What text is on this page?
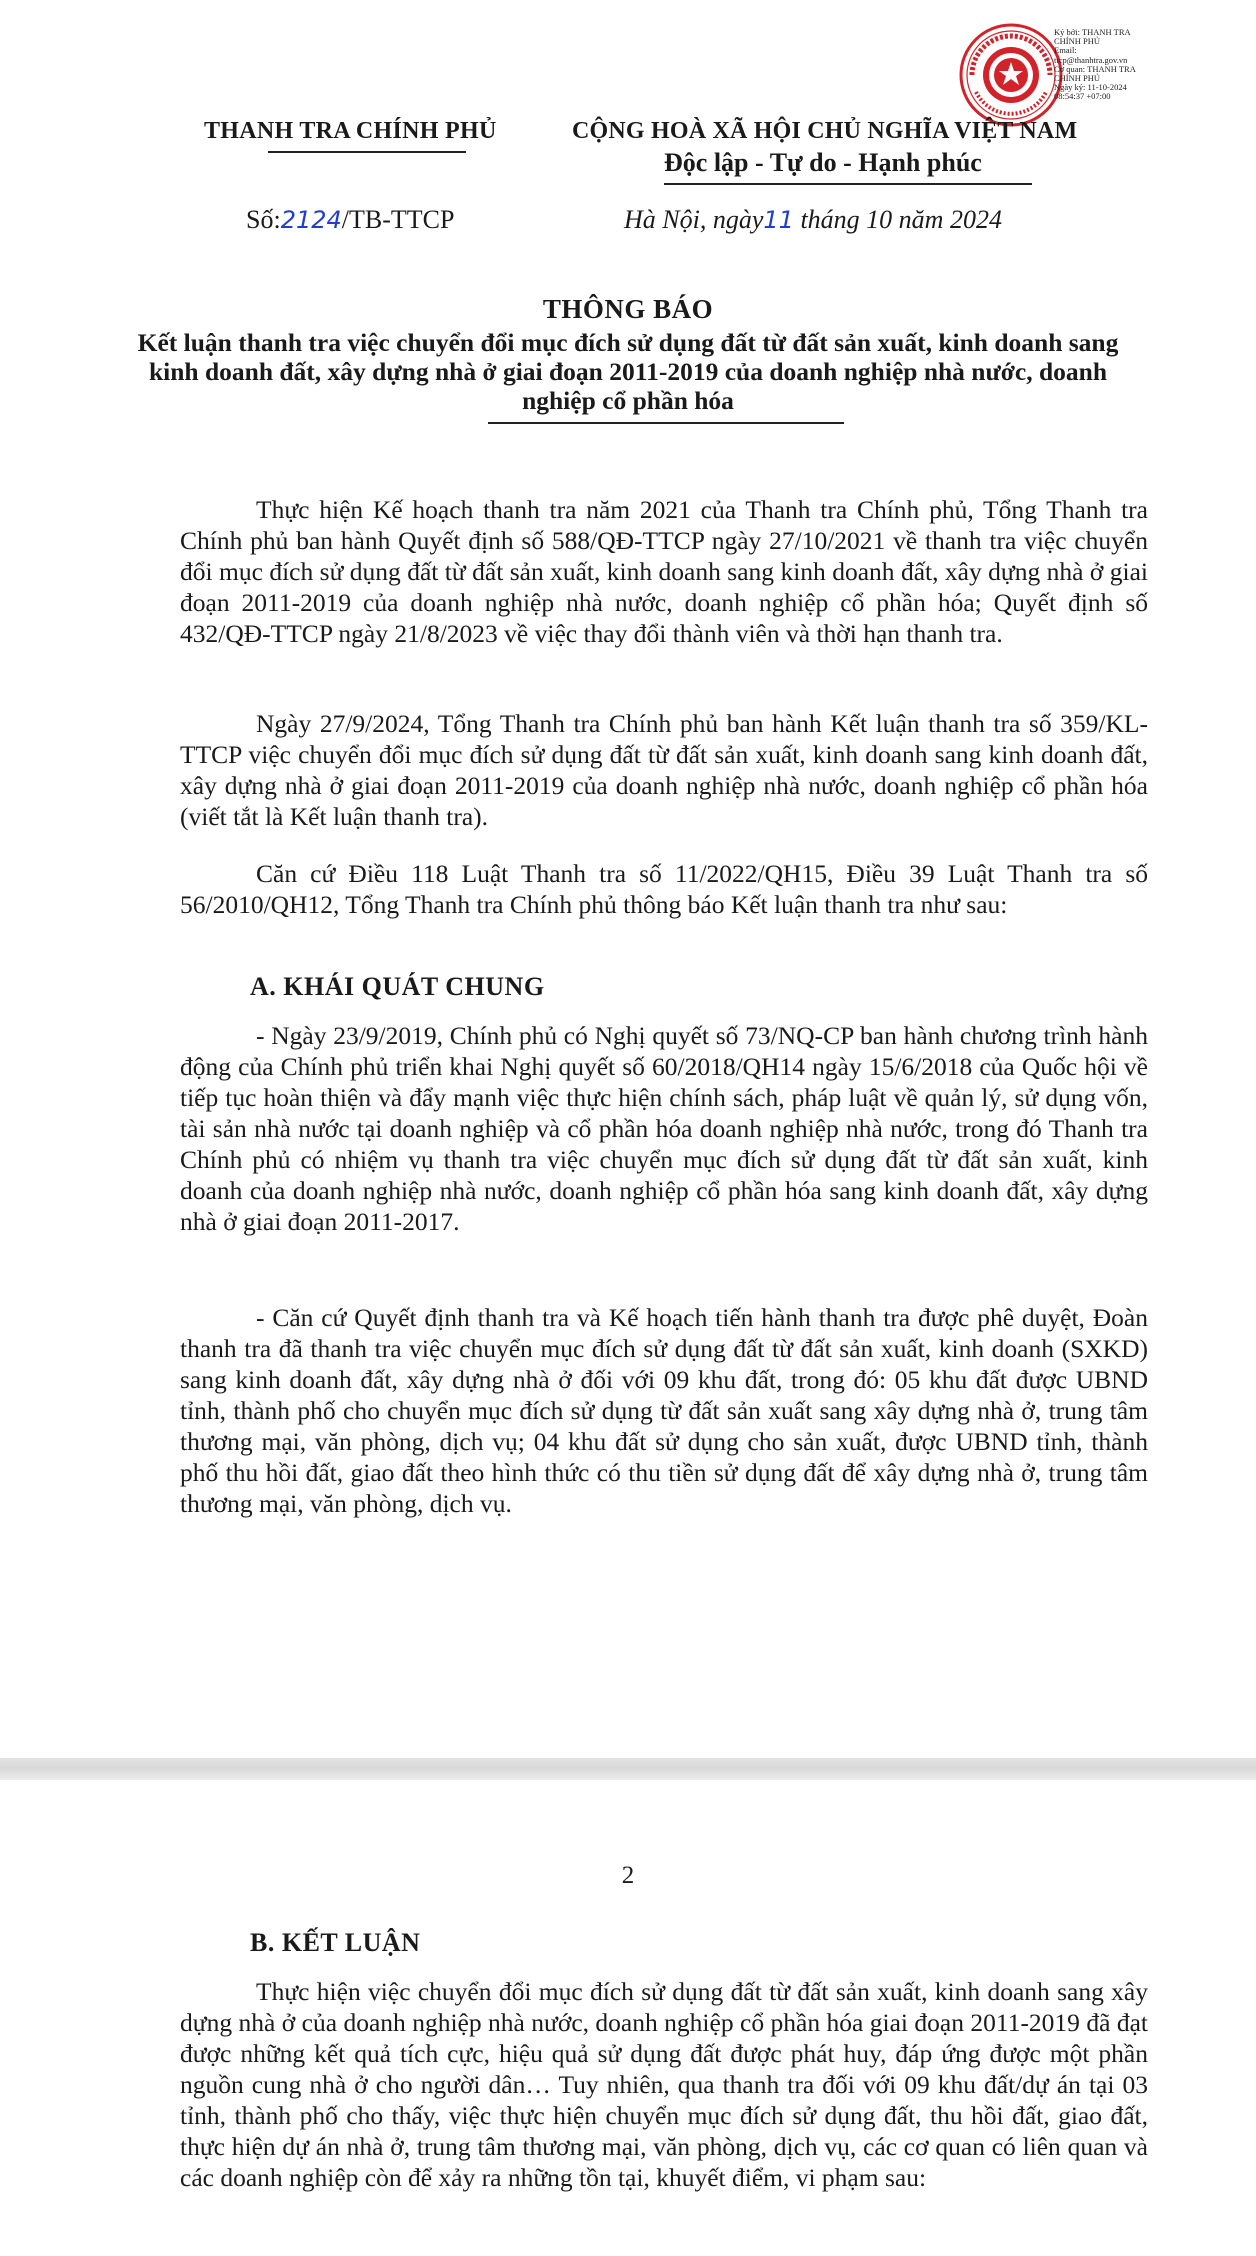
Ký bởi: THANH TRA
CHÍNH PHỦ
Email:
ttcp@thanhtra.gov.vn
Cơ quan: THANH TRA
CHÍNH PHỦ
Ngày ký: 11-10-2024
08:54:37 +07:00
THANH TRA CHÍNH PHỦ	CỘNG HOÀ XÃ HỘI CHỦ NGHĨA VIỆT NAM
Độc lập - Tự do - Hạnh phúc
Số:2124/TB-TTCP	Hà Nội, ngày11 tháng 10 năm 2024
THÔNG BÁO
Kết luận thanh tra việc chuyển đổi mục đích sử dụng đất từ đất sản xuất, kinh doanh sang kinh doanh đất, xây dựng nhà ở giai đoạn 2011-2019 của doanh nghiệp nhà nước, doanh nghiệp cổ phần hóa

Thực hiện Kế hoạch thanh tra năm 2021 của Thanh tra Chính phủ, Tổng Thanh tra Chính phủ ban hành Quyết định số 588/QĐ-TTCP ngày 27/10/2021 về thanh tra việc chuyển đổi mục đích sử dụng đất từ đất sản xuất, kinh doanh sang kinh doanh đất, xây dựng nhà ở giai đoạn 2011-2019 của doanh nghiệp nhà nước, doanh nghiệp cổ phần hóa; Quyết định số 432/QĐ-TTCP ngày 21/8/2023 về việc thay đổi thành viên và thời hạn thanh tra.

Ngày 27/9/2024, Tổng Thanh tra Chính phủ ban hành Kết luận thanh tra số 359/KL-TTCP việc chuyển đổi mục đích sử dụng đất từ đất sản xuất, kinh doanh sang kinh doanh đất, xây dựng nhà ở giai đoạn 2011-2019 của doanh nghiệp nhà nước, doanh nghiệp cổ phần hóa (viết tắt là Kết luận thanh tra).

Căn cứ Điều 118 Luật Thanh tra số 11/2022/QH15, Điều 39 Luật Thanh tra số 56/2010/QH12, Tổng Thanh tra Chính phủ thông báo Kết luận thanh tra như sau:

A. KHÁI QUÁT CHUNG

- Ngày 23/9/2019, Chính phủ có Nghị quyết số 73/NQ-CP ban hành chương trình hành động của Chính phủ triển khai Nghị quyết số 60/2018/QH14 ngày 15/6/2018 của Quốc hội về tiếp tục hoàn thiện và đẩy mạnh việc thực hiện chính sách, pháp luật về quản lý, sử dụng vốn, tài sản nhà nước tại doanh nghiệp và cổ phần hóa doanh nghiệp nhà nước, trong đó Thanh tra Chính phủ có nhiệm vụ thanh tra việc chuyển mục đích sử dụng đất từ đất sản xuất, kinh doanh của doanh nghiệp nhà nước, doanh nghiệp cổ phần hóa sang kinh doanh đất, xây dựng nhà ở giai đoạn 2011-2017.

- Căn cứ Quyết định thanh tra và Kế hoạch tiến hành thanh tra được phê duyệt, Đoàn thanh tra đã thanh tra việc chuyển mục đích sử dụng đất từ đất sản xuất, kinh doanh (SXKD) sang kinh doanh đất, xây dựng nhà ở đối với 09 khu đất, trong đó: 05 khu đất được UBND tỉnh, thành phố cho chuyển mục đích sử dụng từ đất sản xuất sang xây dựng nhà ở, trung tâm thương mại, văn phòng, dịch vụ; 04 khu đất sử dụng cho sản xuất, được UBND tỉnh, thành phố thu hồi đất, giao đất theo hình thức có thu tiền sử dụng đất để xây dựng nhà ở, trung tâm thương mại, văn phòng, dịch vụ.

2
B. KẾT LUẬN

Thực hiện việc chuyển đổi mục đích sử dụng đất từ đất sản xuất, kinh doanh sang xây dựng nhà ở của doanh nghiệp nhà nước, doanh nghiệp cổ phần hóa giai đoạn 2011-2019 đã đạt được những kết quả tích cực, hiệu quả sử dụng đất được phát huy, đáp ứng được một phần nguồn cung nhà ở cho người dân… Tuy nhiên, qua thanh tra đối với 09 khu đất/dự án tại 03 tỉnh, thành phố cho thấy, việc thực hiện chuyển mục đích sử dụng đất, thu hồi đất, giao đất, thực hiện dự án nhà ở, trung tâm thương mại, văn phòng, dịch vụ, các cơ quan có liên quan và các doanh nghiệp còn để xảy ra những tồn tại, khuyết điểm, vi phạm sau:
